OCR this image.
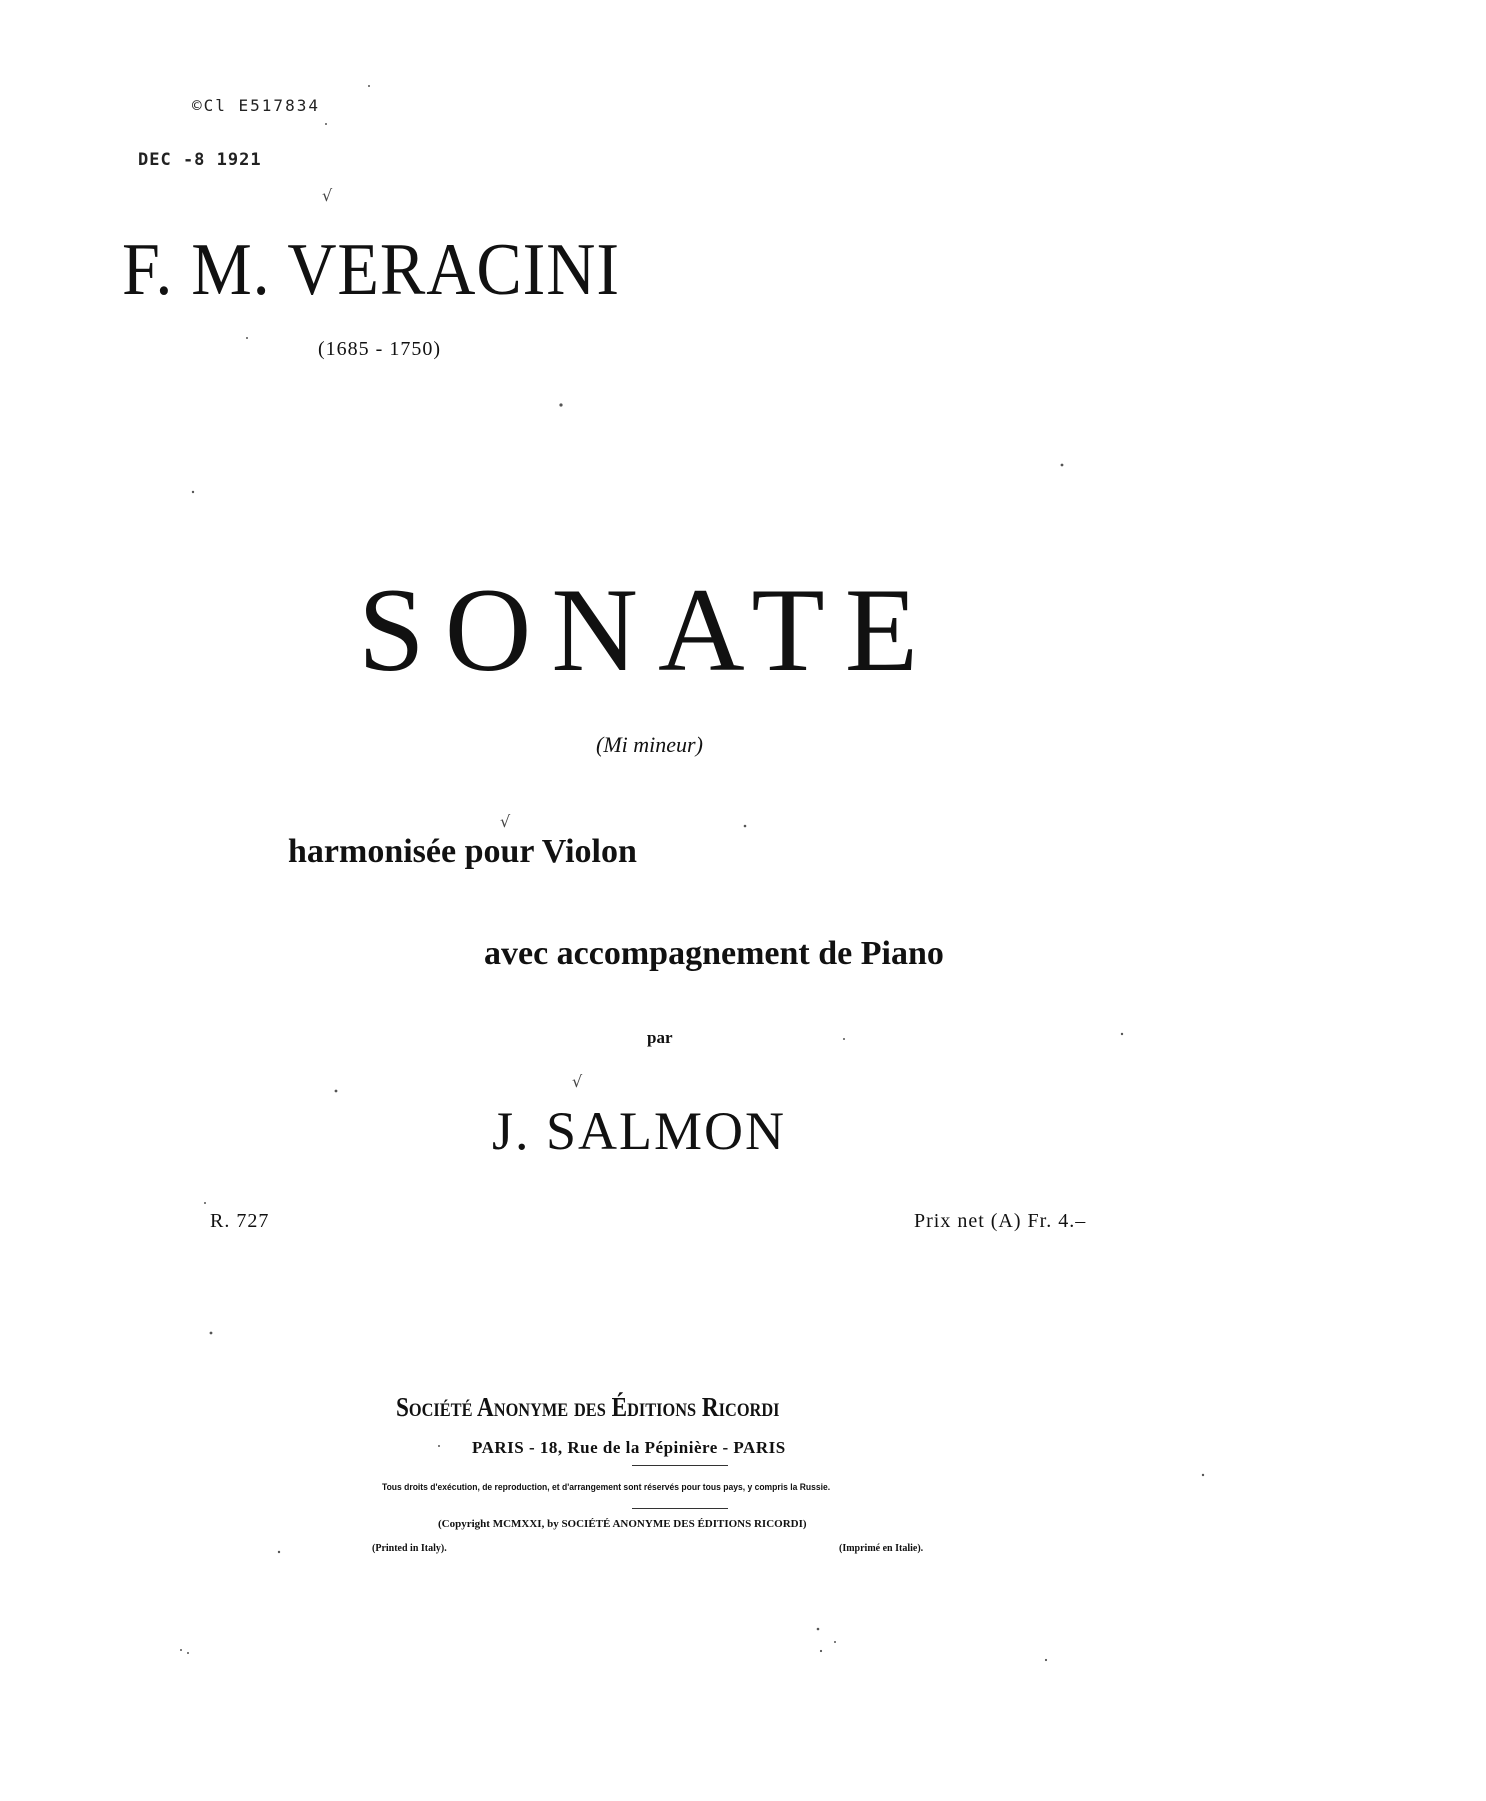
©Cl E517834
DEC -8 1921
√
F. M. VERACINI
(1685 - 1750)
SONATE
(Mi mineur)
√
harmonisée pour Violon
avec accompagnement de Piano
par
√
J. SALMON
R. 727	Prix net (A) Fr. 4.–
Société Anonyme des Éditions Ricordi
PARIS - 18, Rue de la Pépinière - PARIS
Tous droits d'exécution, de reproduction, et d'arrangement sont réservés pour tous pays, y compris la Russie.
(Copyright MCMXXI, by SOCIÉTÉ ANONYME DES ÉDITIONS RICORDI)
(Printed in Italy).	(Imprimé en Italie).
